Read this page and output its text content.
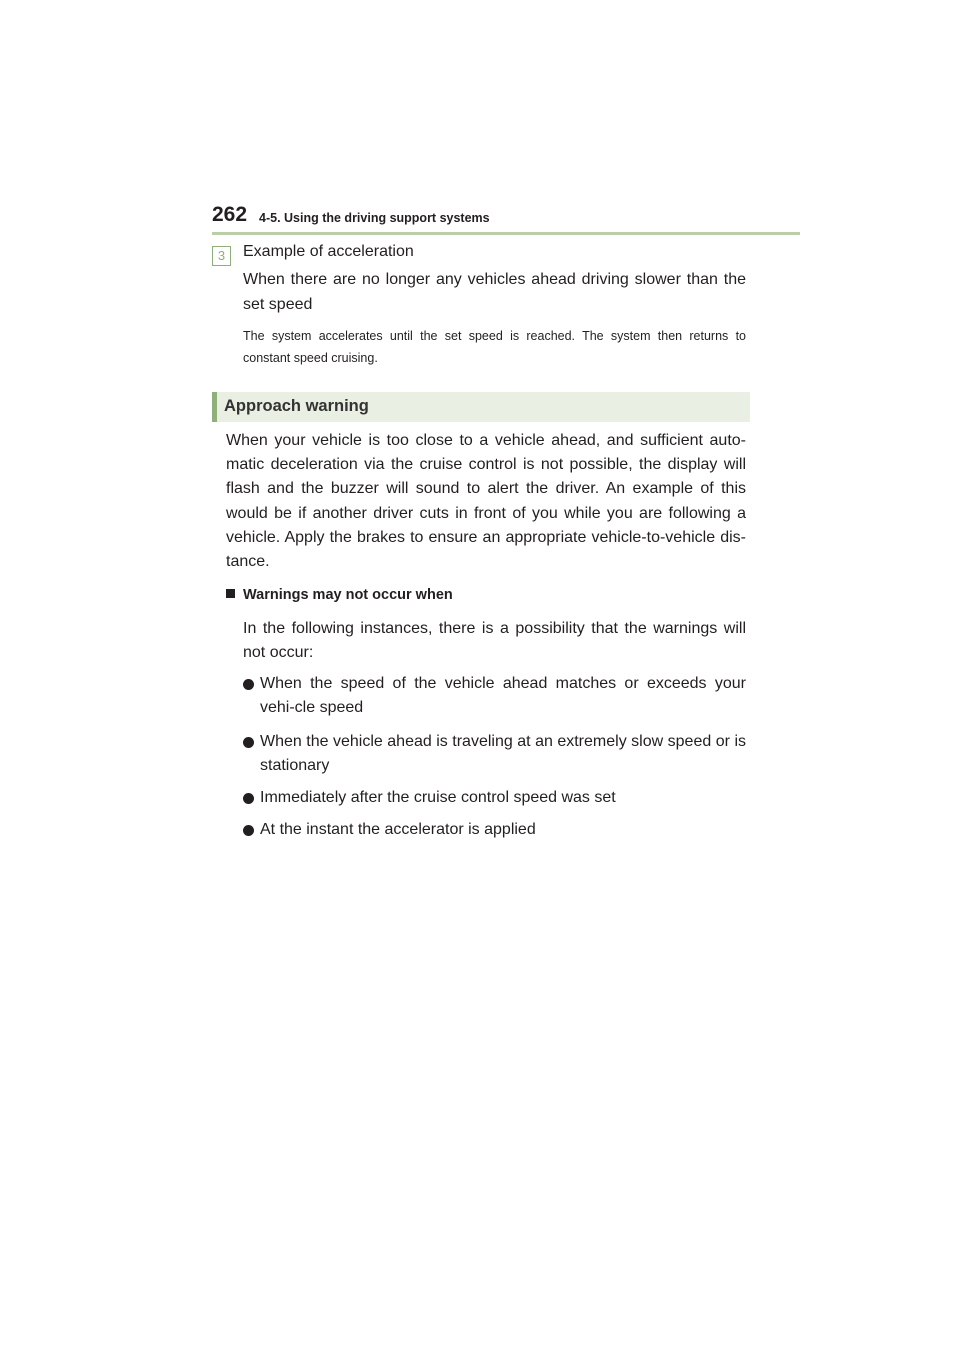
262 4-5. Using the driving support systems
3	Example of acceleration
When there are no longer any vehicles ahead driving slower than the set speed
The system accelerates until the set speed is reached. The system then returns to constant speed cruising.
Approach warning
When your vehicle is too close to a vehicle ahead, and sufficient auto-matic deceleration via the cruise control is not possible, the display will flash and the buzzer will sound to alert the driver. An example of this would be if another driver cuts in front of you while you are following a vehicle. Apply the brakes to ensure an appropriate vehicle-to-vehicle dis-tance.
Warnings may not occur when
In the following instances, there is a possibility that the warnings will not occur:
When the speed of the vehicle ahead matches or exceeds your vehi-cle speed
When the vehicle ahead is traveling at an extremely slow speed or is stationary
Immediately after the cruise control speed was set
At the instant the accelerator is applied
